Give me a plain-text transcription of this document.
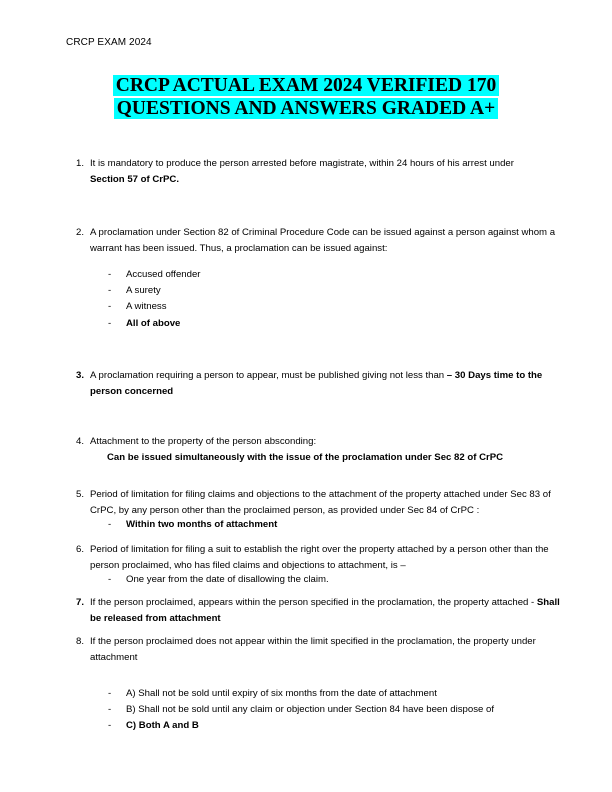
CRCP EXAM 2024
CRCP ACTUAL EXAM 2024 VERIFIED 170
QUESTIONS AND ANSWERS GRADED A+
1. It is mandatory to produce the person arrested before magistrate, within 24 hours of his arrest under
Section 57 of CrPC.
2. A proclamation under Section 82 of Criminal Procedure Code can be issued against a person against whom a warrant has been issued. Thus, a proclamation can be issued against:
- Accused offender
- A surety
- A witness
- All of above
3. A proclamation requiring a person to appear, must be published giving not less than – 30 Days time to the person concerned
4. Attachment to the property of the person absconding:
Can be issued simultaneously with the issue of the proclamation under Sec 82 of CrPC
5. Period of limitation for filing claims and objections to the attachment of the property attached under Sec 83 of CrPC, by any person other than the proclaimed person, as provided under Sec 84 of CrPC :
- Within two months of attachment
6. Period of limitation for filing a suit to establish the right over the property attached by a person other than the person proclaimed, who has filed claims and objections to attachment, is –
- One year from the date of disallowing the claim.
7. If the person proclaimed, appears within the person specified in the proclamation, the property attached - Shall be released from attachment
8. If the person proclaimed does not appear within the limit specified in the proclamation, the property under attachment
- A) Shall not be sold until expiry of six months from the date of attachment
- B) Shall not be sold until any claim or objection under Section 84 have been dispose of
- C) Both A and B
